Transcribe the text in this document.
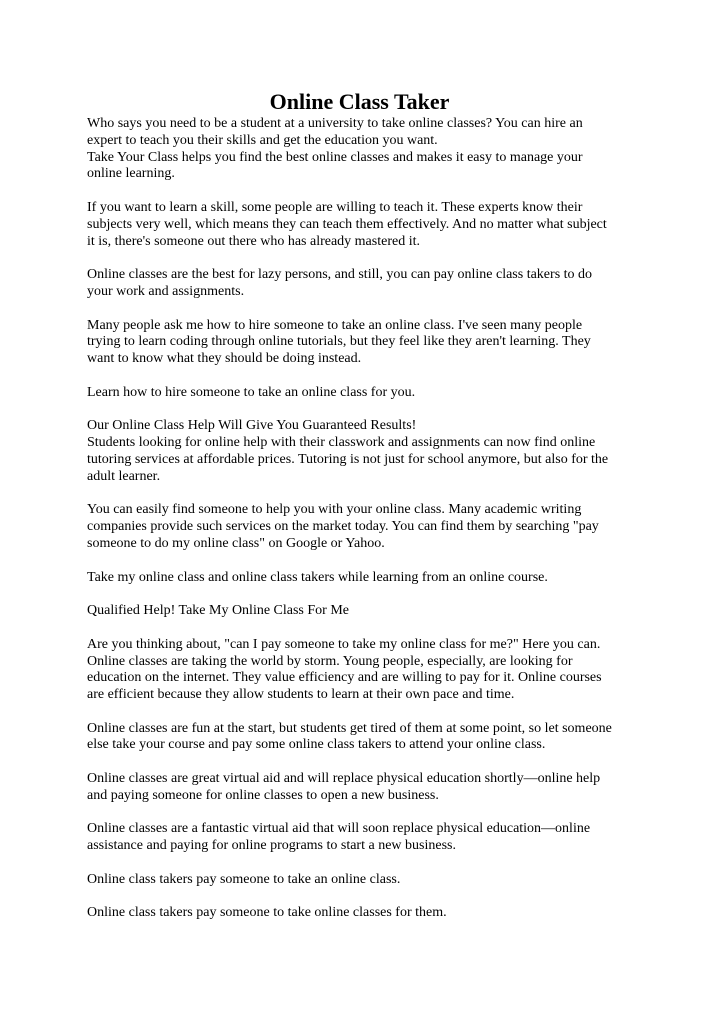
Online Class Taker

Who says you need to be a student at a university to take online classes? You can hire an
expert to teach you their skills and get the education you want.
Take Your Class helps you find the best online classes and makes it easy to manage your
online learning.

If you want to learn a skill, some people are willing to teach it. These experts know their
subjects very well, which means they can teach them effectively. And no matter what subject
it is, there's someone out there who has already mastered it.

Online classes are the best for lazy persons, and still, you can pay online class takers to do
your work and assignments.

Many people ask me how to hire someone to take an online class. I've seen many people
trying to learn coding through online tutorials, but they feel like they aren't learning. They
want to know what they should be doing instead.

Learn how to hire someone to take an online class for you.

Our Online Class Help Will Give You Guaranteed Results!
Students looking for online help with their classwork and assignments can now find online
tutoring services at affordable prices. Tutoring is not just for school anymore, but also for the
adult learner.

You can easily find someone to help you with your online class. Many academic writing
companies provide such services on the market today. You can find them by searching "pay
someone to do my online class" on Google or Yahoo.

Take my online class and online class takers while learning from an online course.

Qualified Help! Take My Online Class For Me

Are you thinking about, "can I pay someone to take my online class for me?" Here you can.
Online classes are taking the world by storm. Young people, especially, are looking for
education on the internet. They value efficiency and are willing to pay for it. Online courses
are efficient because they allow students to learn at their own pace and time.

Online classes are fun at the start, but students get tired of them at some point, so let someone
else take your course and pay some online class takers to attend your online class.

Online classes are great virtual aid and will replace physical education shortly—online help
and paying someone for online classes to open a new business.

Online classes are a fantastic virtual aid that will soon replace physical education—online
assistance and paying for online programs to start a new business.

Online class takers pay someone to take an online class.

Online class takers pay someone to take online classes for them.
